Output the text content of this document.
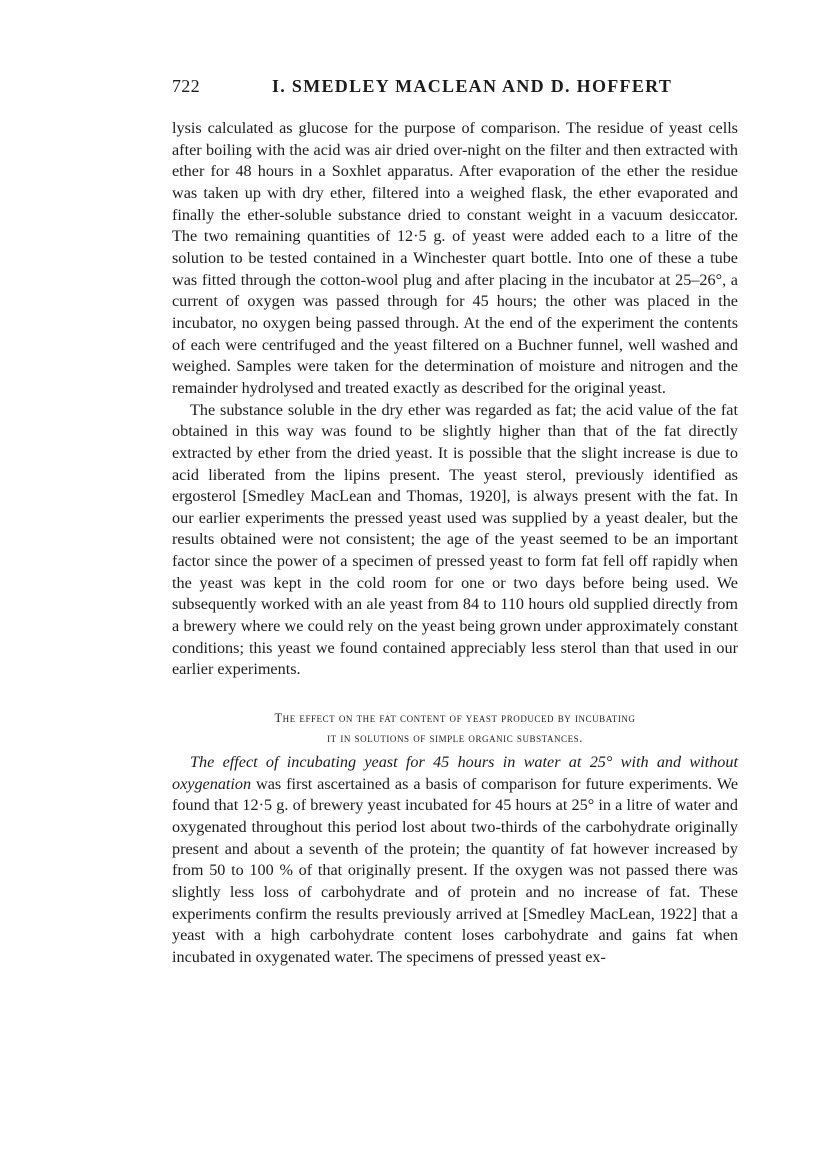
722	I. SMEDLEY MACLEAN AND D. HOFFERT

lysis calculated as glucose for the purpose of comparison. The residue of yeast cells after boiling with the acid was air dried over-night on the filter and then extracted with ether for 48 hours in a Soxhlet apparatus. After evaporation of the ether the residue was taken up with dry ether, filtered into a weighed flask, the ether evaporated and finally the ether-soluble substance dried to constant weight in a vacuum desiccator. The two remaining quantities of 12·5 g. of yeast were added each to a litre of the solution to be tested contained in a Winchester quart bottle. Into one of these a tube was fitted through the cotton-wool plug and after placing in the incubator at 25–26°, a current of oxygen was passed through for 45 hours; the other was placed in the incubator, no oxygen being passed through. At the end of the experiment the contents of each were centrifuged and the yeast filtered on a Buchner funnel, well washed and weighed. Samples were taken for the determination of moisture and nitrogen and the remainder hydrolysed and treated exactly as described for the original yeast.

The substance soluble in the dry ether was regarded as fat; the acid value of the fat obtained in this way was found to be slightly higher than that of the fat directly extracted by ether from the dried yeast. It is possible that the slight increase is due to acid liberated from the lipins present. The yeast sterol, previously identified as ergosterol [Smedley MacLean and Thomas, 1920], is always present with the fat. In our earlier experiments the pressed yeast used was supplied by a yeast dealer, but the results obtained were not consistent; the age of the yeast seemed to be an important factor since the power of a specimen of pressed yeast to form fat fell off rapidly when the yeast was kept in the cold room for one or two days before being used. We subsequently worked with an ale yeast from 84 to 110 hours old supplied directly from a brewery where we could rely on the yeast being grown under approximately constant conditions; this yeast we found contained appreciably less sterol than that used in our earlier experiments.

The effect on the fat content of yeast produced by incubating
it in solutions of simple organic substances.

The effect of incubating yeast for 45 hours in water at 25° with and without oxygenation was first ascertained as a basis of comparison for future experiments. We found that 12·5 g. of brewery yeast incubated for 45 hours at 25° in a litre of water and oxygenated throughout this period lost about two-thirds of the carbohydrate originally present and about a seventh of the protein; the quantity of fat however increased by from 50 to 100 % of that originally present. If the oxygen was not passed there was slightly less loss of carbohydrate and of protein and no increase of fat. These experiments confirm the results previously arrived at [Smedley MacLean, 1922] that a yeast with a high carbohydrate content loses carbohydrate and gains fat when incubated in oxygenated water. The specimens of pressed yeast ex-
